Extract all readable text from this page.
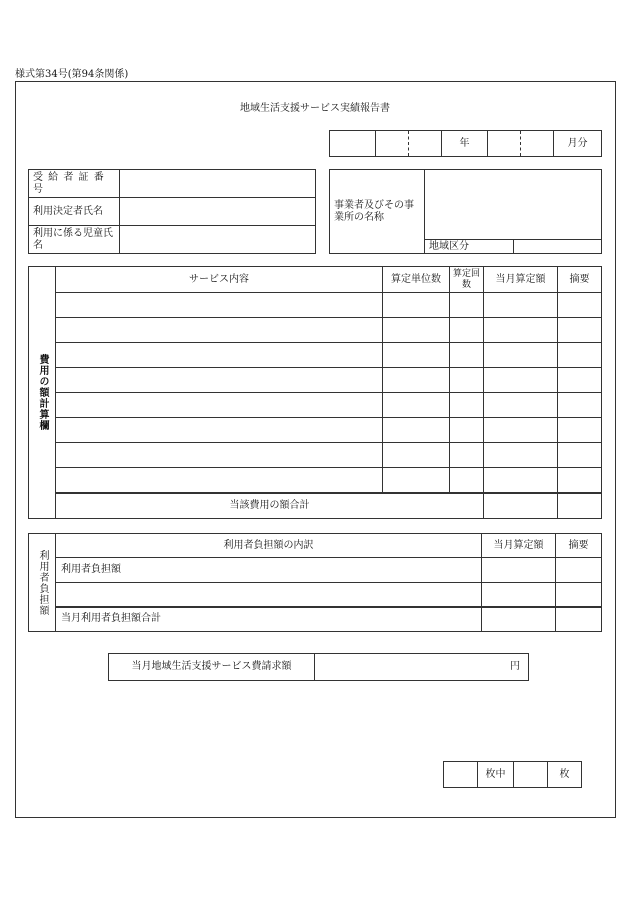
様式第34号(第94条関係)
地域生活支援サービス実績報告書
			年			月分
受 給 者 証 番 号	
利用決定者氏名	
利用に係る児童氏名	
事業者及びその事業所の名称		
	地域区分	
費用の額計算欄	サービス内容	算定単位数	算定回数	当月算定額	摘要

	当該費用の額合計				
利用者負担額	利用者負担額の内訳	当月算定額	摘要
	利用者負担額		

	当月利用者負担額合計		
当月地域生活支援サービス費請求額	円
	枚中		枚
